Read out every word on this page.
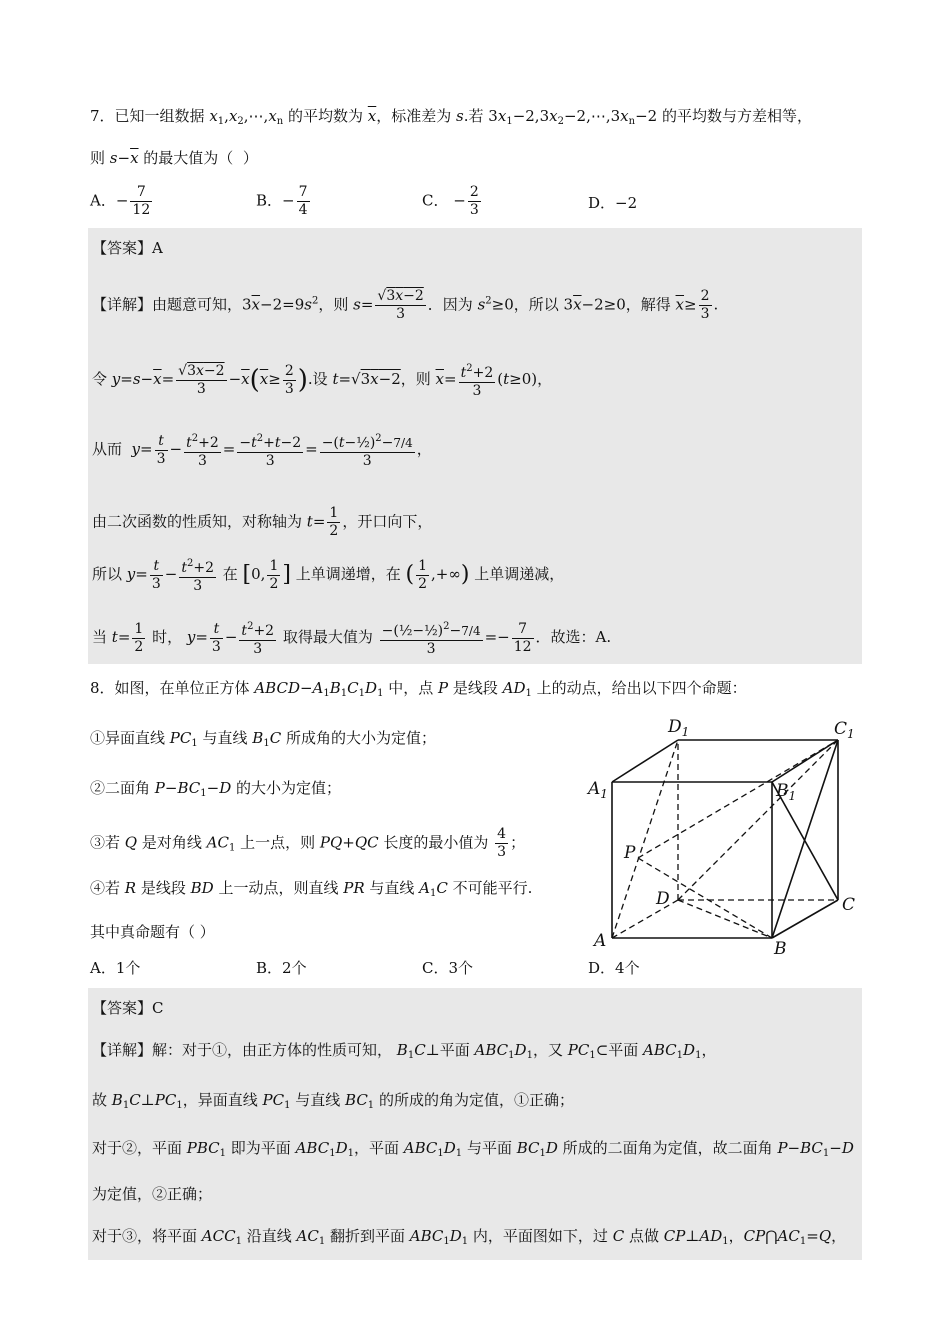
7．已知一组数据 $x_1,x_2,\cdots,x_n$ 的平均数为 $\overline{x}$，标准差为 s.若 $3x_1-2,3x_2-2,\cdots,3x_n-2$ 的平均数与方差相等，
则 $s-\overline{x}$ 的最大值为（  ）
A．− $\frac{7}{12}$	B．− $\frac{7}{4}$	C． − $\frac{2}{3}$	D．−2
【答案】A
【详解】由题意可知，$3\overline{x}-2=9s^2$，则 $s= \frac{√3x-2}{3}$ ．因为 $s^2\ge 0$，所以 $3\overline{x}-2\ge 0$，解得 $\overline{x}\ge \frac{2}{3}$ .
令 $y=s-\overline{x}= \frac{√3x-2}{3} -\overline{x}(\overline{x}\ge \frac{2}{3}$ ).设 t=√3x−2，则 $\overline{x}= \frac{t^2+2}{3} (t\ge 0)$，
从而  $y= \frac{t}{3} - \frac{t^2+2}{3} = \frac{-t^2+t-2}{3} = \frac{-(t-\frac{1}{2})^2-7/4}{3}$ ，
由二次函数的性质知，对称轴为 $t= \frac{1}{2}$ ，开口向下，
所以 $y= \frac{t}{3} - \frac{t^2+2}{3}$ 在 [0, $\frac{1}{2}$ ] 上单调递增，在 ( $\frac{1}{2}$ ,+∞) 上单调递减，
当 $t= \frac{1}{2}$ 时， $y= \frac{t}{3} - \frac{t^2+2}{3}$ 取得最大值为 $\frac{-(\frac{1}{2}-\frac{1}{2})^2-7/4}{3} =- \frac{7}{12}$ ．故选：A.
8．如图，在单位正方体 $ABCD-A_1B_1C_1D_1$ 中，点 P 是线段 $AD_1$ 上的动点，给出以下四个命题：
①异面直线 $PC_1$ 与直线 $B_1C$ 所成角的大小为定值；
②二面角 $P-BC_1-D$ 的大小为定值；
③若 Q 是对角线 $AC_1$ 上一点，则 PQ+QC 长度的最小值为 $\frac{4}{3}$ ；
④若 R 是线段 BD 上一动点，则直线 PR 与直线 $A_1C$ 不可能平行.
其中真命题有（ ）
A．1个	B．2个	C．3个	D．4个
$D_1$	$C_1$
$A_1$	$B_1$
P
D	C
A	B
【答案】C
【详解】解：对于①，由正方体的性质可知， $B_1C\perp$平面 $ABC_1D_1$，又 $PC_1\subset$平面 $ABC_1D_1$，
故 $B_1C\perp PC_1$，异面直线 $PC_1$ 与直线 $BC_1$ 的所成的角为定值，①正确；
对于②，平面 $PBC_1$ 即为平面 $ABC_1D_1$，平面 $ABC_1D_1$ 与平面 $BC_1D$ 所成的二面角为定值，故二面角 $P-BC_1-D$
为定值，②正确；
对于③，将平面 $ACC_1$ 沿直线 $AC_1$ 翻折到平面 $ABC_1D_1$ 内，平面图如下，过 C 点做 $CP\perp AD_1$，$CP⋂AC_1=Q$，
